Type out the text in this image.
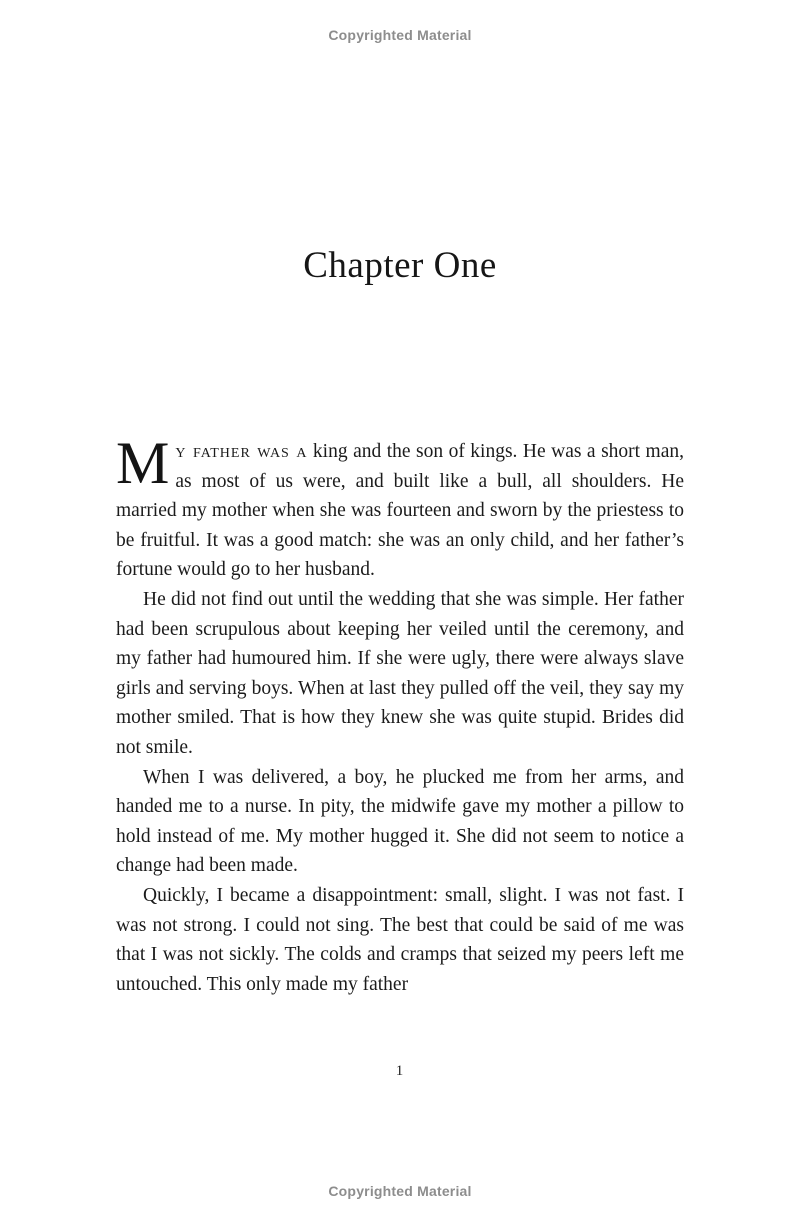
Copyrighted Material
Chapter One

M y father was a king and the son of kings. He was a short man, as most of us were, and built like a bull, all shoulders. He married my mother when she was fourteen and sworn by the priestess to be fruitful. It was a good match: she was an only child, and her father’s fortune would go to her husband.

He did not find out until the wedding that she was simple. Her father had been scrupulous about keeping her veiled until the ceremony, and my father had humoured him. If she were ugly, there were always slave girls and serving boys. When at last they pulled off the veil, they say my mother smiled. That is how they knew she was quite stupid. Brides did not smile.

When I was delivered, a boy, he plucked me from her arms, and handed me to a nurse. In pity, the midwife gave my mother a pillow to hold instead of me. My mother hugged it. She did not seem to notice a change had been made.

Quickly, I became a disappointment: small, slight. I was not fast. I was not strong. I could not sing. The best that could be said of me was that I was not sickly. The colds and cramps that seized my peers left me untouched. This only made my father

1
Copyrighted Material
